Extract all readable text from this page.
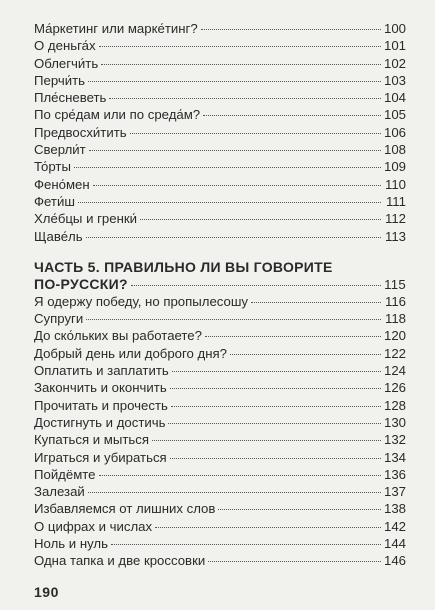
Ма́ркетинг или марке́тинг?	100
О деньга́х	101
Облегчи́ть	102
Перчи́ть	103
Пле́сневеть	104
По сре́дам или по среда́м?	105
Предвосхи́тить	106
Сверли́т	108
То́рты	109
Фено́мен	110
Фети́ш	111
Хле́бцы и гренки́	112
Щаве́ль	113
ЧАСТЬ 5. ПРАВИЛЬНО ЛИ ВЫ ГОВОРИТЕ
ПО-РУССКИ?	115
Я одержу победу, но пропылесошу	116
Супруги	118
До ско́льких вы работаете?	120
Добрый день или доброго дня?	122
Оплатить и заплатить	124
Закончить и окончить	126
Прочитать и прочесть	128
Достигнуть и достичь	130
Купаться и мыться	132
Играться и убираться	134
Пойдёмте	136
Залезай	137
Избавляемся от лишних слов	138
О цифрах и числах	142
Ноль и нуль	144
Одна тапка и две кроссовки	146
190
